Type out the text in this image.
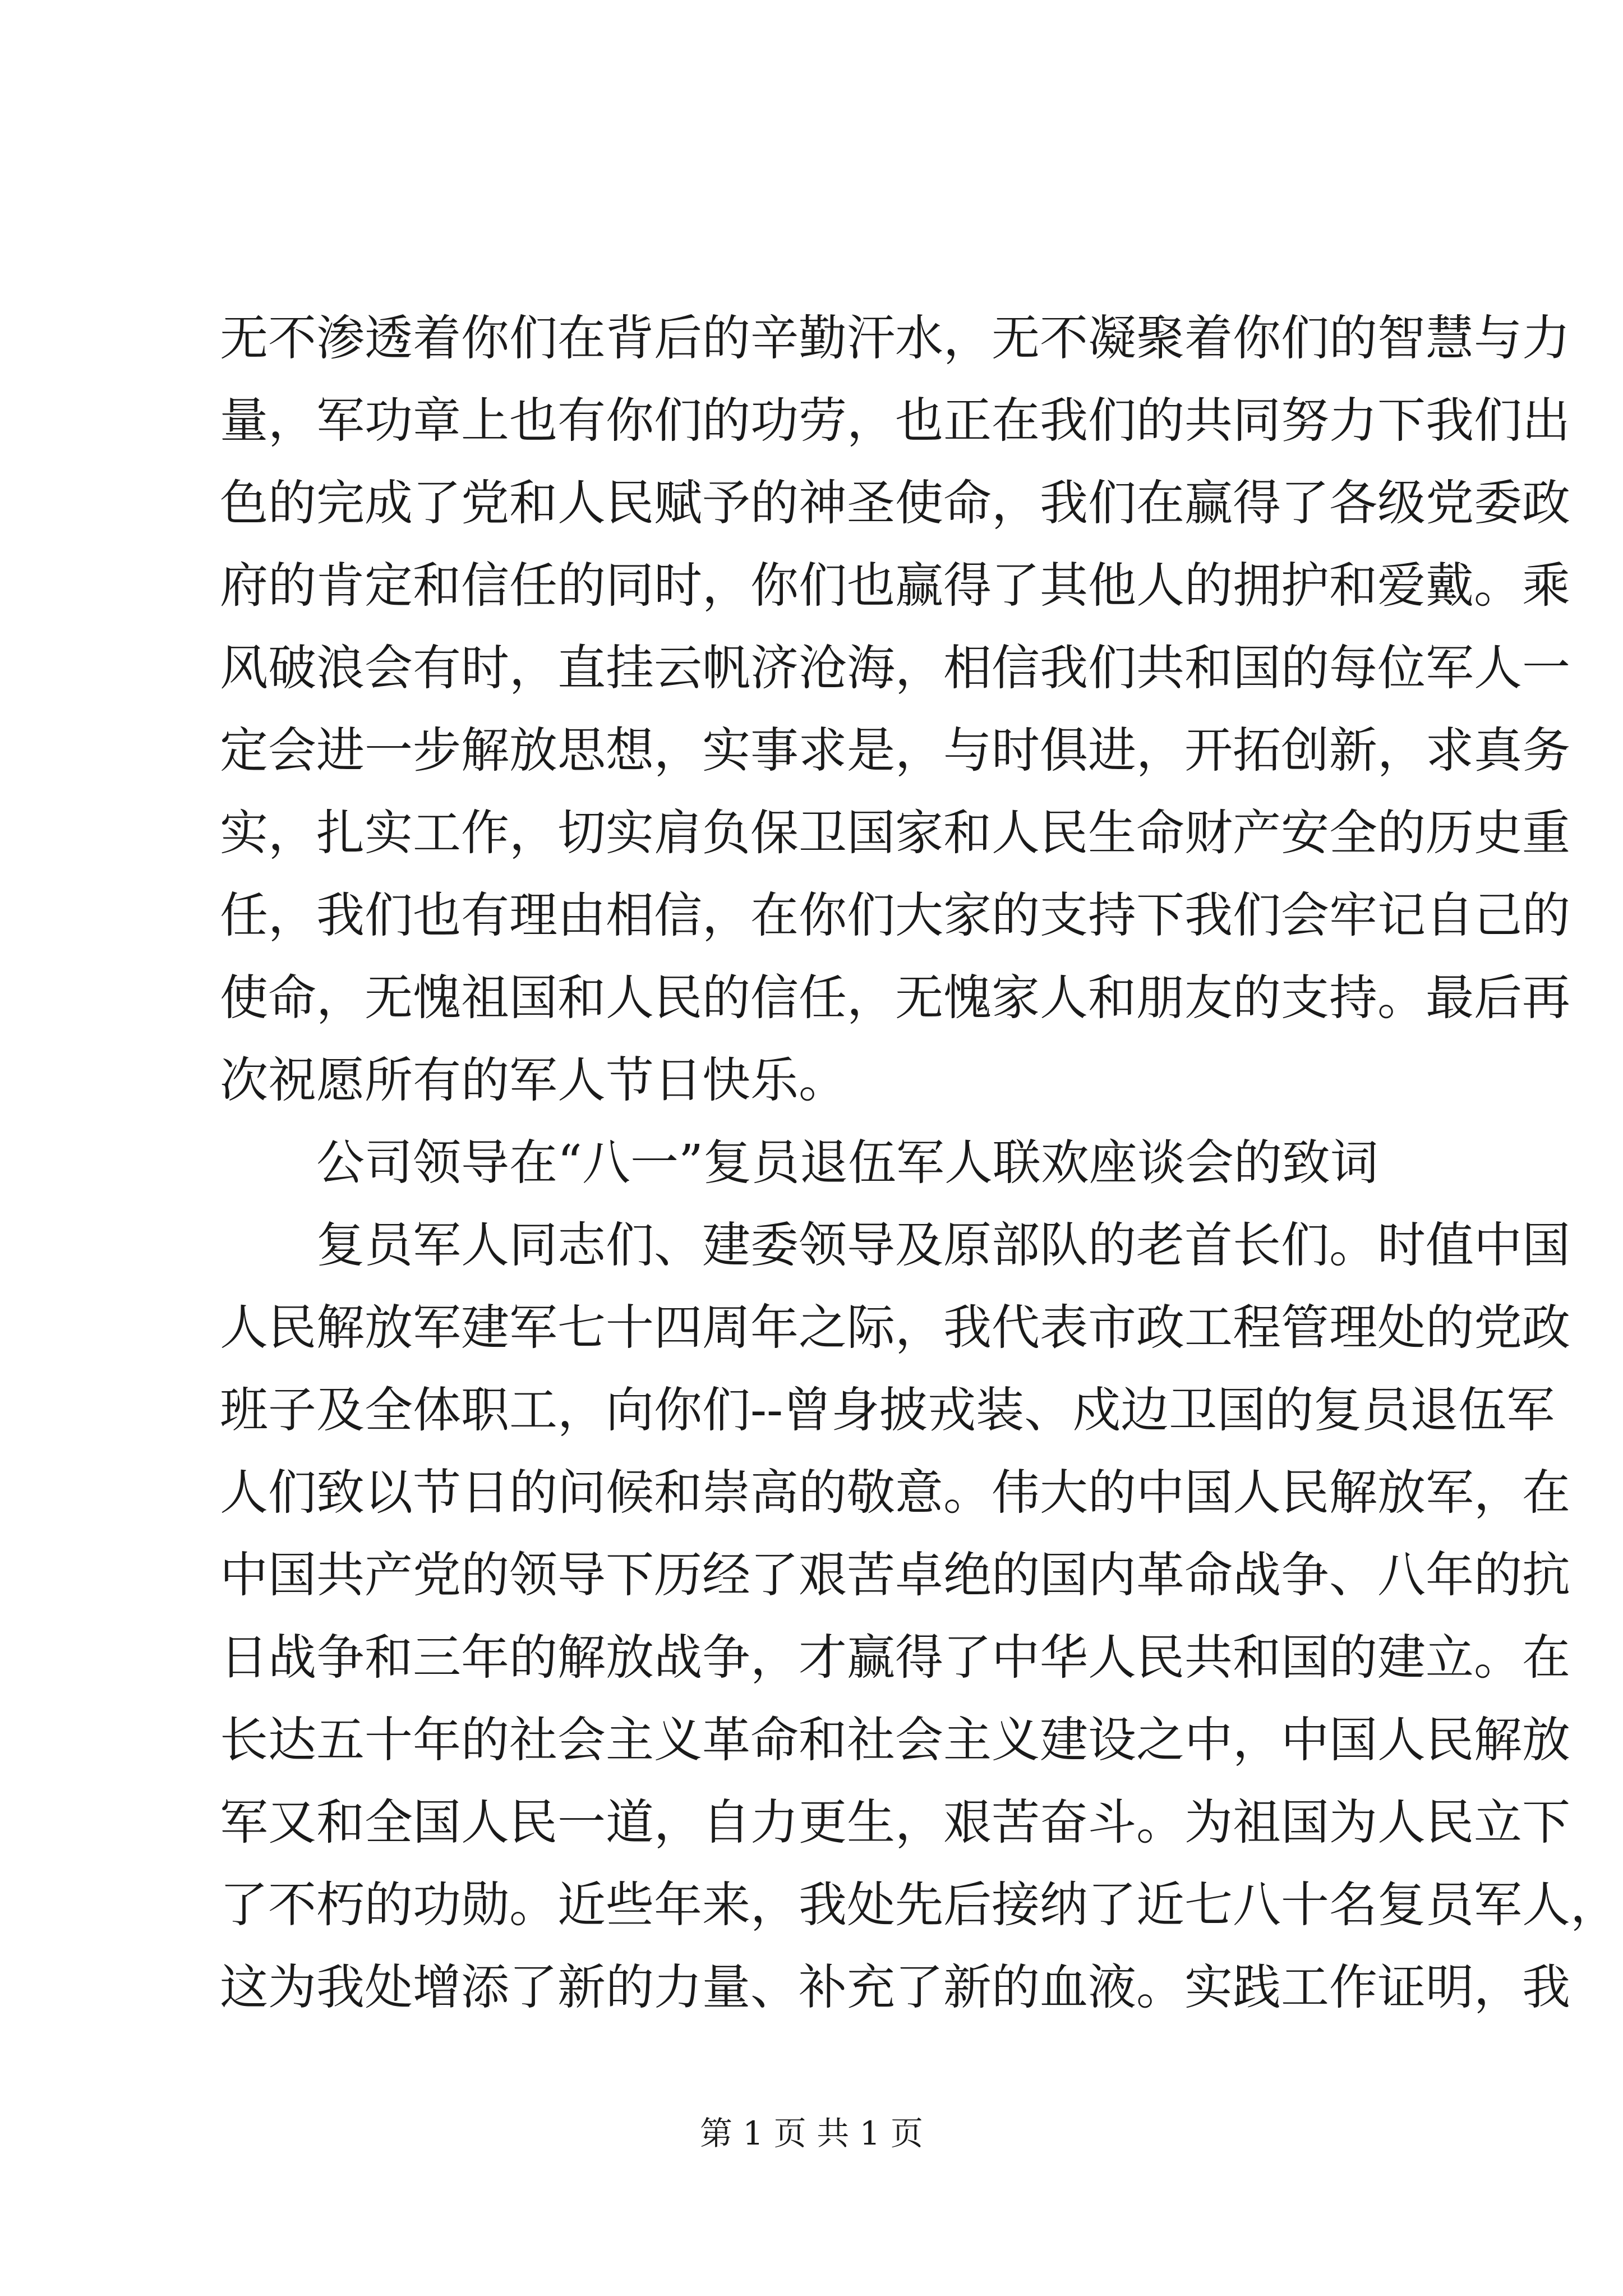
无不渗透着你们在背后的辛勤汗水，无不凝聚着你们的智慧与力
量，军功章上也有你们的功劳，也正在我们的共同努力下我们出
色的完成了党和人民赋予的神圣使命，我们在赢得了各级党委政
府的肯定和信任的同时，你们也赢得了其他人的拥护和爱戴。乘
风破浪会有时，直挂云帆济沧海，相信我们共和国的每位军人一
定会进一步解放思想，实事求是，与时俱进，开拓创新，求真务
实，扎实工作，切实肩负保卫国家和人民生命财产安全的历史重
任，我们也有理由相信，在你们大家的支持下我们会牢记自己的
使命，无愧祖国和人民的信任，无愧家人和朋友的支持。最后再
次祝愿所有的军人节日快乐。
公司领导在“八一”复员退伍军人联欢座谈会的致词
复员军人同志们、建委领导及原部队的老首长们。时值中国
人民解放军建军七十四周年之际，我代表市政工程管理处的党政
班子及全体职工，向你们--曾身披戎装、戍边卫国的复员退伍军
人们致以节日的问候和崇高的敬意。伟大的中国人民解放军，在
中国共产党的领导下历经了艰苦卓绝的国内革命战争、八年的抗
日战争和三年的解放战争，才赢得了中华人民共和国的建立。在
长达五十年的社会主义革命和社会主义建设之中，中国人民解放
军又和全国人民一道，自力更生，艰苦奋斗。为祖国为人民立下
了不朽的功勋。近些年来，我处先后接纳了近七八十名复员军人，
这为我处增添了新的力量、补充了新的血液。实践工作证明，我
第 1 页 共 1 页
